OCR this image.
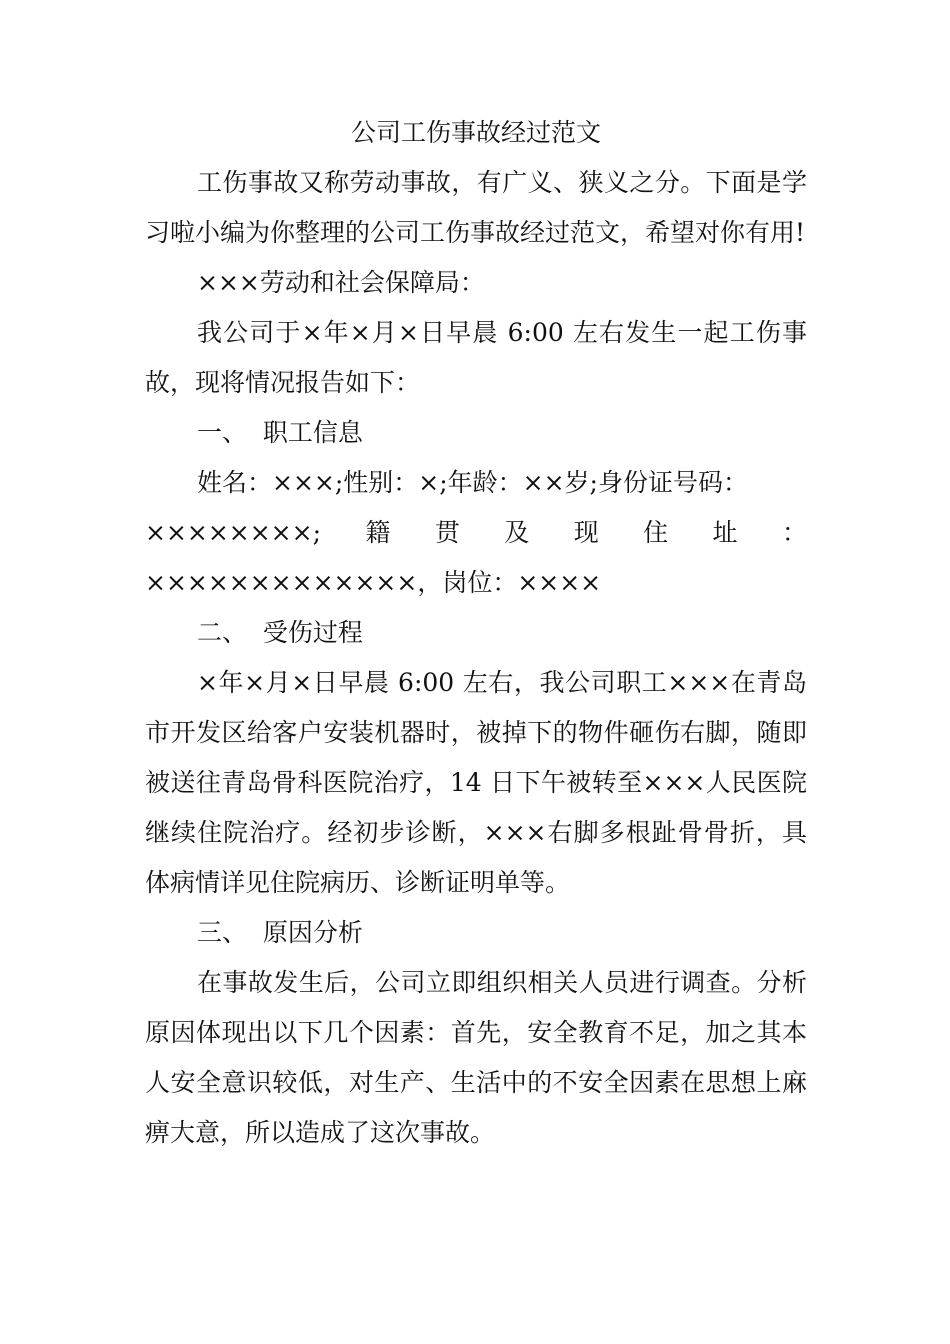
公司工伤事故经过范文

工伤事故又称劳动事故，有广义、狭义之分。下面是学习啦小编为你整理的公司工伤事故经过范文，希望对你有用!

×××劳动和社会保障局：

我公司于×年×月×日早晨 6:00 左右发生一起工伤事故，现将情况报告如下：

一、  职工信息

姓名：×××;性别：×;年龄：××岁;身份证号码：

××××××××; 籍 贯 及 现 住 址 ：

×××××××××××××，岗位：××××

二、  受伤过程

×年×月×日早晨 6:00 左右，我公司职工×××在青岛市开发区给客户安装机器时，被掉下的物件砸伤右脚，随即被送往青岛骨科医院治疗，14 日下午被转至×××人民医院继续住院治疗。经初步诊断，×××右脚多根趾骨骨折，具体病情详见住院病历、诊断证明单等。

三、  原因分析

在事故发生后，公司立即组织相关人员进行调查。分析原因体现出以下几个因素：首先，安全教育不足，加之其本人安全意识较低，对生产、生活中的不安全因素在思想上麻痹大意，所以造成了这次事故。
